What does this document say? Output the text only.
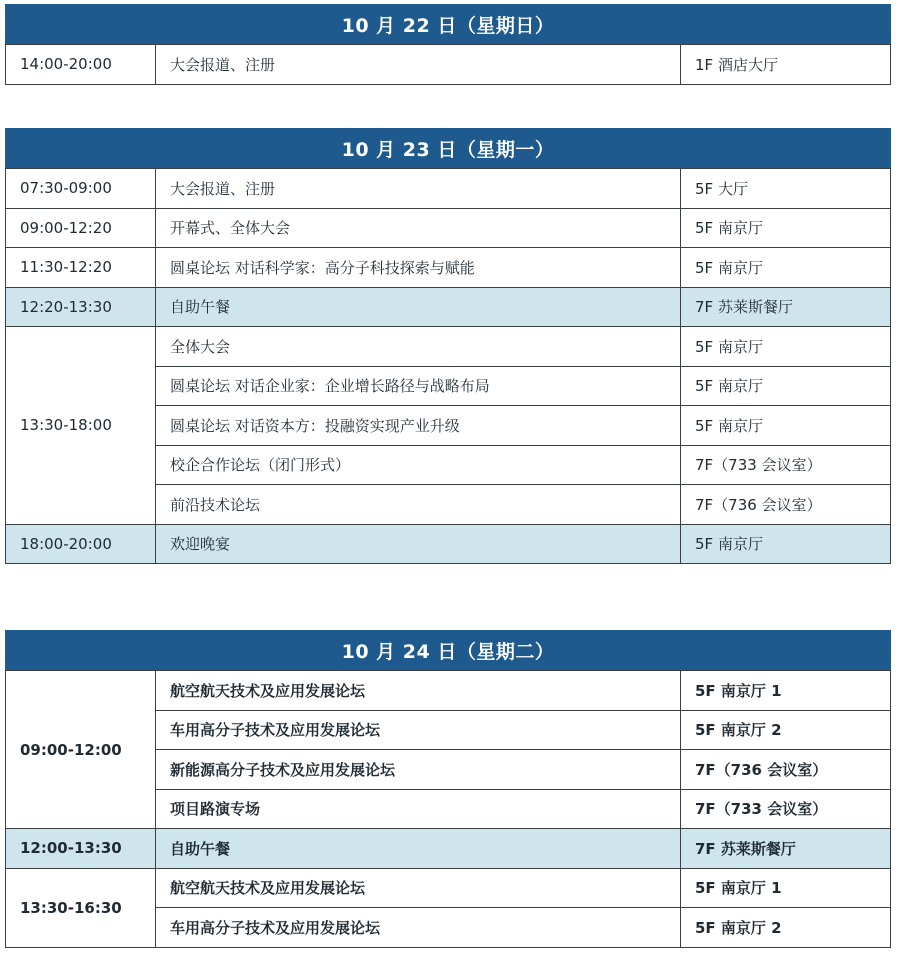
10 月 22 日（星期日）
14:00-20:00	大会报道、注册	1F 酒店大厅
10 月 23 日（星期一）
07:30-09:00	大会报道、注册	5F 大厅
09:00-12:20	开幕式、全体大会	5F 南京厅
11:30-12:20	圆桌论坛 对话科学家：高分子科技探索与赋能	5F 南京厅
12:20-13:30	自助午餐	7F 苏莱斯餐厅
13:30-18:00	全体大会	5F 南京厅
	圆桌论坛 对话企业家：企业增长路径与战略布局	5F 南京厅
	圆桌论坛 对话资本方：投融资实现产业升级	5F 南京厅
	校企合作论坛（闭门形式）	7F（733 会议室）
	前沿技术论坛	7F（736 会议室）
18:00-20:00	欢迎晚宴	5F 南京厅
10 月 24 日（星期二）
09:00-12:00	航空航天技术及应用发展论坛	5F 南京厅 1
	车用高分子技术及应用发展论坛	5F 南京厅 2
	新能源高分子技术及应用发展论坛	7F（736 会议室）
	项目路演专场	7F（733 会议室）
12:00-13:30	自助午餐	7F 苏莱斯餐厅
13:30-16:30	航空航天技术及应用发展论坛	5F 南京厅 1
	车用高分子技术及应用发展论坛	5F 南京厅 2
